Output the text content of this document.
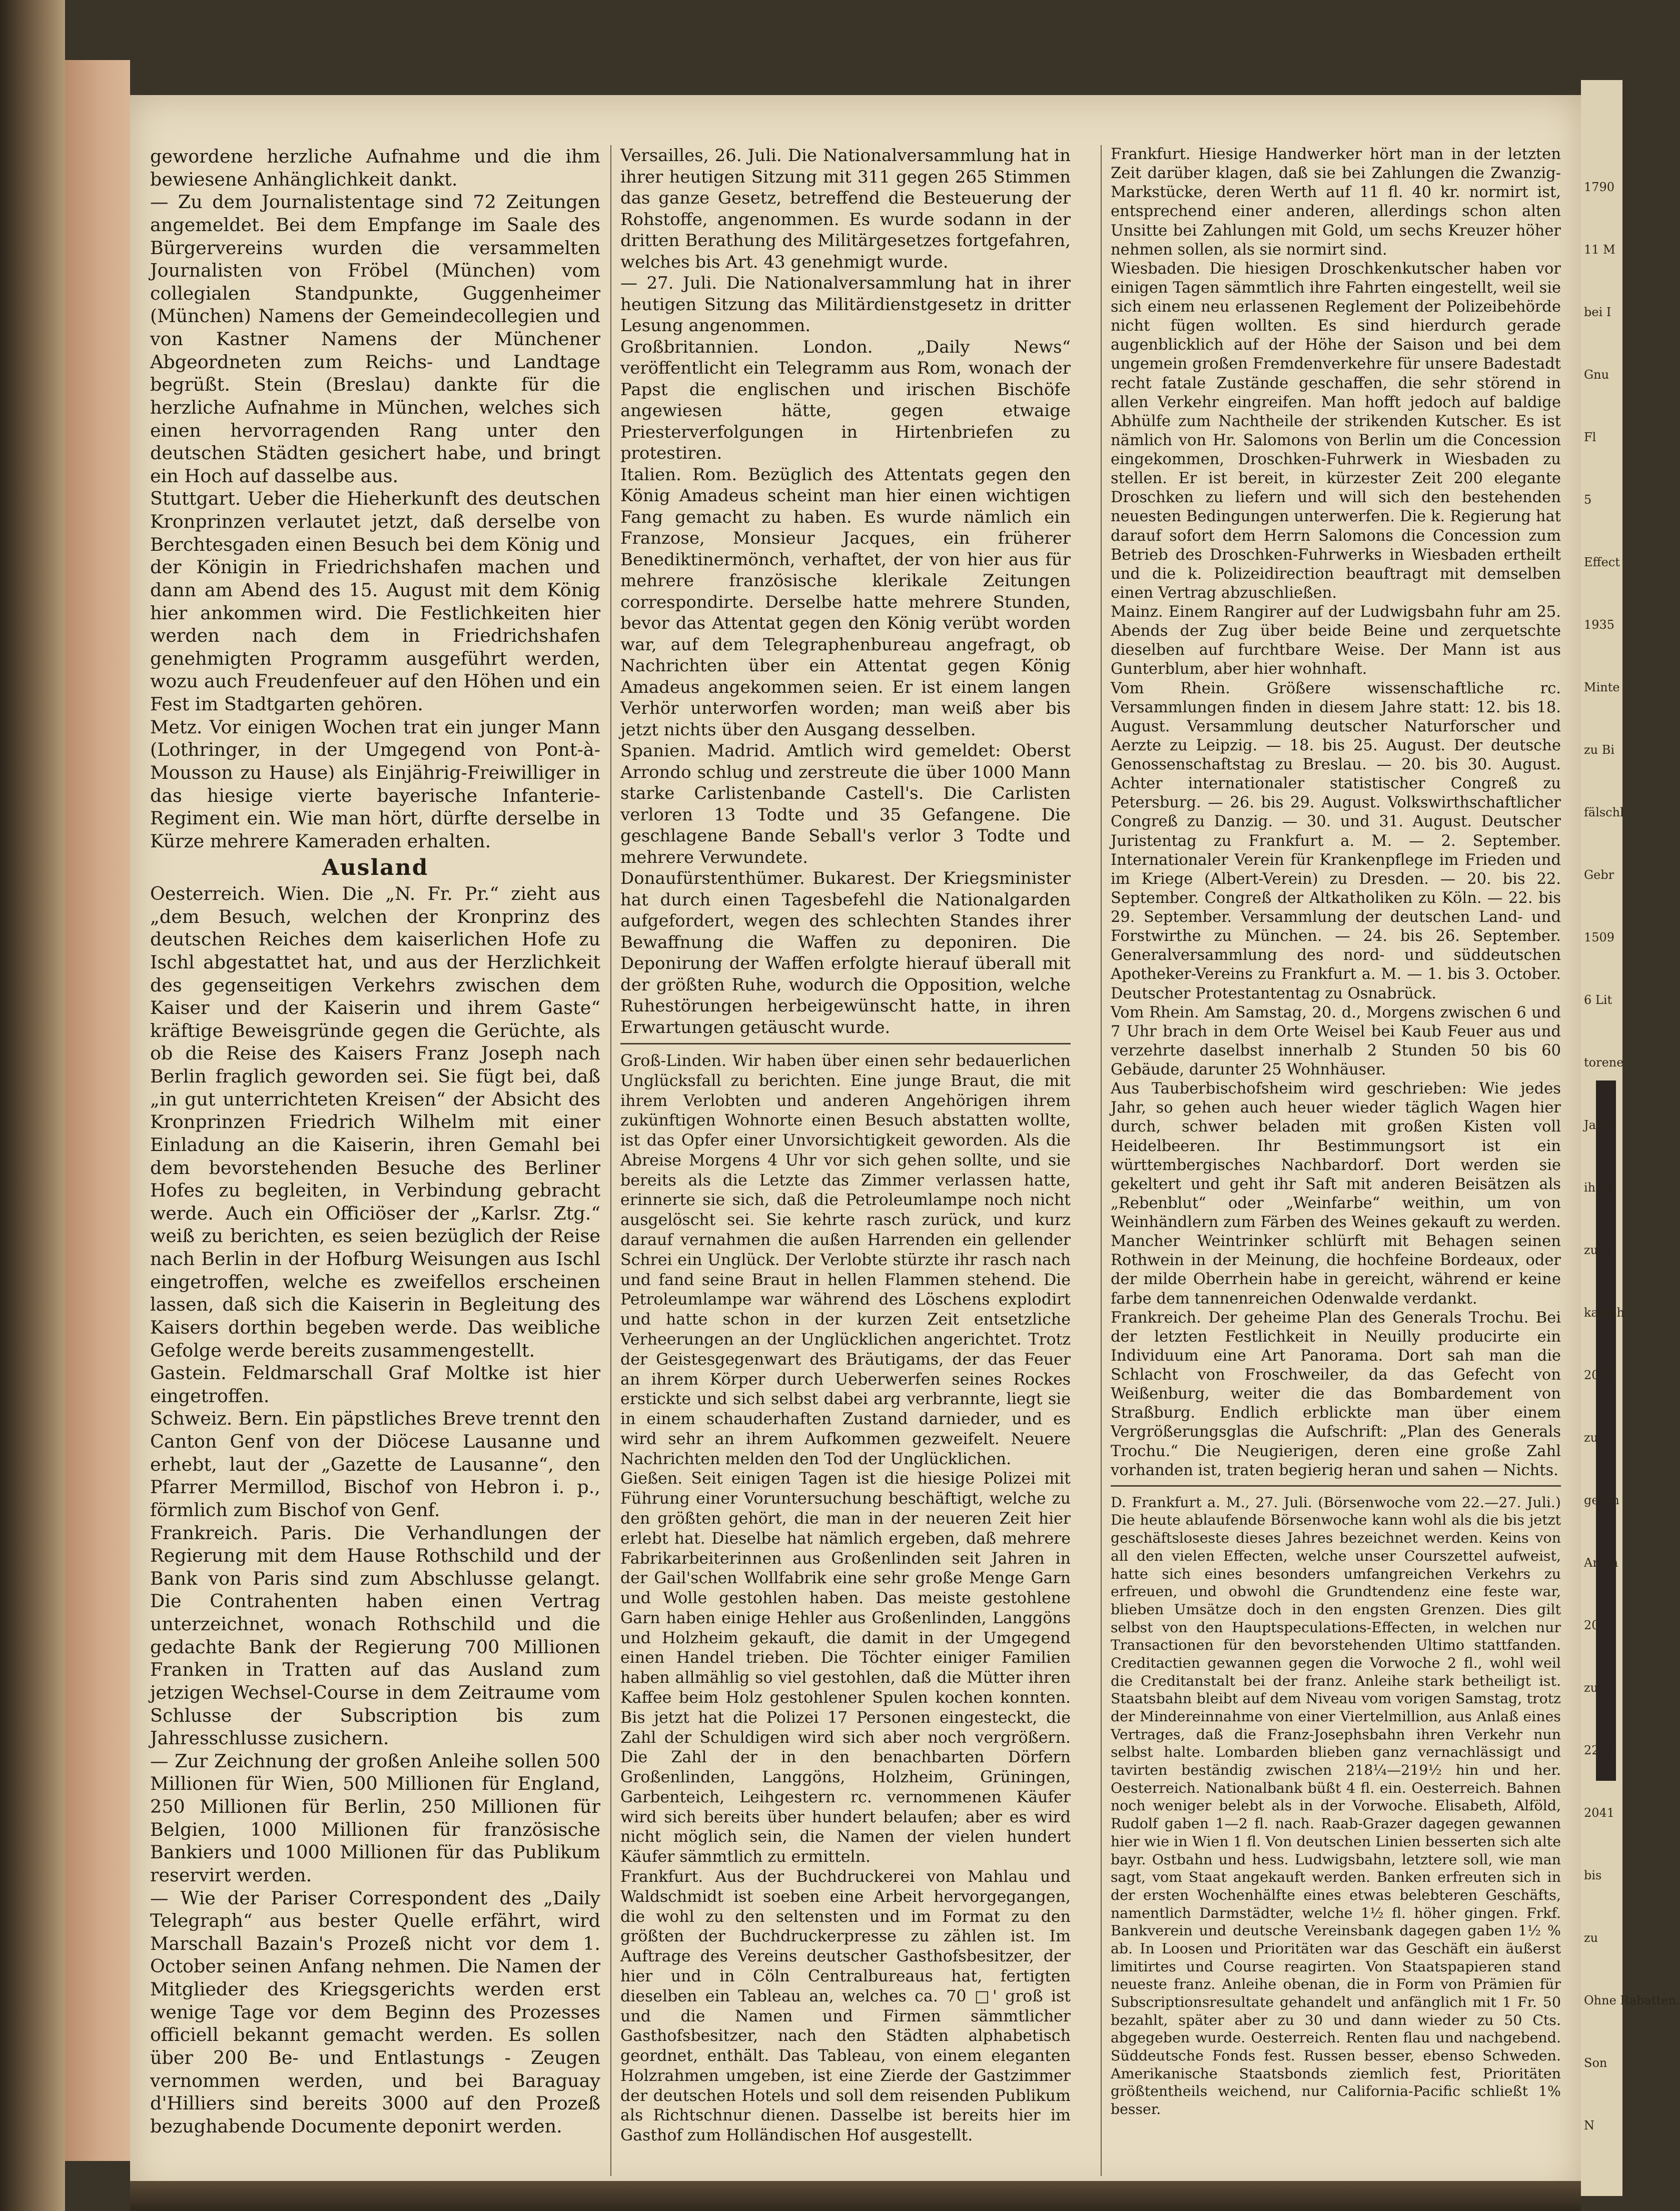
gewordene herzliche Aufnahme und die ihm bewiesene Anhänglichkeit dankt.

— Zu dem Journalistentage sind 72 Zeitungen angemeldet. Bei dem Empfange im Saale des Bürgervereins wurden die versammelten Journalisten von Fröbel (München) vom collegialen Standpunkte, Guggenheimer (München) Namens der Gemeindecollegien und von Kastner Namens der Münchener Abgeordneten zum Reichs- und Landtage begrüßt. Stein (Breslau) dankte für die herzliche Aufnahme in München, welches sich einen hervorragenden Rang unter den deutschen Städten gesichert habe, und bringt ein Hoch auf dasselbe aus.

Stuttgart. Ueber die Hieherkunft des deutschen Kronprinzen verlautet jetzt, daß derselbe von Berchtesgaden einen Besuch bei dem König und der Königin in Friedrichshafen machen und dann am Abend des 15. August mit dem König hier ankommen wird. Die Festlichkeiten hier werden nach dem in Friedrichshafen genehmigten Programm ausgeführt werden, wozu auch Freudenfeuer auf den Höhen und ein Fest im Stadtgarten gehören.

Metz. Vor einigen Wochen trat ein junger Mann (Lothringer, in der Umgegend von Pont-à-Mousson zu Hause) als Einjährig-Freiwilliger in das hiesige vierte bayerische Infanterie-Regiment ein. Wie man hört, dürfte derselbe in Kürze mehrere Kameraden erhalten.

Ausland

Oesterreich. Wien. Die „N. Fr. Pr.“ zieht aus „dem Besuch, welchen der Kronprinz des deutschen Reiches dem kaiserlichen Hofe zu Ischl abgestattet hat, und aus der Herzlichkeit des gegenseitigen Verkehrs zwischen dem Kaiser und der Kaiserin und ihrem Gaste“ kräftige Beweisgründe gegen die Gerüchte, als ob die Reise des Kaisers Franz Joseph nach Berlin fraglich geworden sei. Sie fügt bei, daß „in gut unterrichteten Kreisen“ der Absicht des Kronprinzen Friedrich Wilhelm mit einer Einladung an die Kaiserin, ihren Gemahl bei dem bevorstehenden Besuche des Berliner Hofes zu begleiten, in Verbindung gebracht werde. Auch ein Officiöser der „Karlsr. Ztg.“ weiß zu berichten, es seien bezüglich der Reise nach Berlin in der Hofburg Weisungen aus Ischl eingetroffen, welche es zweifellos erscheinen lassen, daß sich die Kaiserin in Begleitung des Kaisers dorthin begeben werde. Das weibliche Gefolge werde bereits zusammengestellt.

Gastein. Feldmarschall Graf Moltke ist hier eingetroffen.

Schweiz. Bern. Ein päpstliches Breve trennt den Canton Genf von der Diöcese Lausanne und erhebt, laut der „Gazette de Lausanne“, den Pfarrer Mermillod, Bischof von Hebron i. p., förmlich zum Bischof von Genf.

Frankreich. Paris. Die Verhandlungen der Regierung mit dem Hause Rothschild und der Bank von Paris sind zum Abschlusse gelangt. Die Contrahenten haben einen Vertrag unterzeichnet, wonach Rothschild und die gedachte Bank der Regierung 700 Millionen Franken in Tratten auf das Ausland zum jetzigen Wechsel-Course in dem Zeitraume vom Schlusse der Subscription bis zum Jahresschlusse zusichern.

— Zur Zeichnung der großen Anleihe sollen 500 Millionen für Wien, 500 Millionen für England, 250 Millionen für Berlin, 250 Millionen für Belgien, 1000 Millionen für französische Bankiers und 1000 Millionen für das Publikum reservirt werden.

— Wie der Pariser Correspondent des „Daily Telegraph“ aus bester Quelle erfährt, wird Marschall Bazain's Prozeß nicht vor dem 1. October seinen Anfang nehmen. Die Namen der Mitglieder des Kriegsgerichts werden erst wenige Tage vor dem Beginn des Prozesses officiell bekannt gemacht werden. Es sollen über 200 Be- und Entlastungs - Zeugen vernommen werden, und bei Baraguay d'Hilliers sind bereits 3000 auf den Prozeß bezughabende Documente deponirt werden.

Versailles, 26. Juli. Die Nationalversammlung hat in ihrer heutigen Sitzung mit 311 gegen 265 Stimmen das ganze Gesetz, betreffend die Besteuerung der Rohstoffe, angenommen. Es wurde sodann in der dritten Berathung des Militärgesetzes fortgefahren, welches bis Art. 43 genehmigt wurde.

— 27. Juli. Die Nationalversammlung hat in ihrer heutigen Sitzung das Militärdienstgesetz in dritter Lesung angenommen.

Großbritannien. London. „Daily News“ veröffentlicht ein Telegramm aus Rom, wonach der Papst die englischen und irischen Bischöfe angewiesen hätte, gegen etwaige Priesterverfolgungen in Hirtenbriefen zu protestiren.

Italien. Rom. Bezüglich des Attentats gegen den König Amadeus scheint man hier einen wichtigen Fang gemacht zu haben. Es wurde nämlich ein Franzose, Monsieur Jacques, ein früherer Benediktinermönch, verhaftet, der von hier aus für mehrere französische klerikale Zeitungen correspondirte. Derselbe hatte mehrere Stunden, bevor das Attentat gegen den König verübt worden war, auf dem Telegraphenbureau angefragt, ob Nachrichten über ein Attentat gegen König Amadeus angekommen seien. Er ist einem langen Verhör unterworfen worden; man weiß aber bis jetzt nichts über den Ausgang desselben.

Spanien. Madrid. Amtlich wird gemeldet: Oberst Arrondo schlug und zerstreute die über 1000 Mann starke Carlistenbande Castell's. Die Carlisten verloren 13 Todte und 35 Gefangene. Die geschlagene Bande Seball's verlor 3 Todte und mehrere Verwundete.

Donaufürstenthümer. Bukarest. Der Kriegsminister hat durch einen Tagesbefehl die Nationalgarden aufgefordert, wegen des schlechten Standes ihrer Bewaffnung die Waffen zu deponiren. Die Deponirung der Waffen erfolgte hierauf überall mit der größten Ruhe, wodurch die Opposition, welche Ruhestörungen herbeigewünscht hatte, in ihren Erwartungen getäuscht wurde.

Groß-Linden. Wir haben über einen sehr bedauerlichen Unglücksfall zu berichten. Eine junge Braut, die mit ihrem Verlobten und anderen Angehörigen ihrem zukünftigen Wohnorte einen Besuch abstatten wollte, ist das Opfer einer Unvorsichtigkeit geworden. Als die Abreise Morgens 4 Uhr vor sich gehen sollte, und sie bereits als die Letzte das Zimmer verlassen hatte, erinnerte sie sich, daß die Petroleumlampe noch nicht ausgelöscht sei. Sie kehrte rasch zurück, und kurz darauf vernahmen die außen Harrenden ein gellender Schrei ein Unglück. Der Verlobte stürzte ihr rasch nach und fand seine Braut in hellen Flammen stehend. Die Petroleumlampe war während des Löschens explodirt und hatte schon in der kurzen Zeit entsetzliche Verheerungen an der Unglücklichen angerichtet. Trotz der Geistesgegenwart des Bräutigams, der das Feuer an ihrem Körper durch Ueberwerfen seines Rockes erstickte und sich selbst dabei arg verbrannte, liegt sie in einem schauderhaften Zustand darnieder, und es wird sehr an ihrem Aufkommen gezweifelt. Neuere Nachrichten melden den Tod der Unglücklichen.

Gießen. Seit einigen Tagen ist die hiesige Polizei mit Führung einer Voruntersuchung beschäftigt, welche zu den größten gehört, die man in der neueren Zeit hier erlebt hat. Dieselbe hat nämlich ergeben, daß mehrere Fabrikarbeiterinnen aus Großenlinden seit Jahren in der Gail'schen Wollfabrik eine sehr große Menge Garn und Wolle gestohlen haben. Das meiste gestohlene Garn haben einige Hehler aus Großenlinden, Langgöns und Holzheim gekauft, die damit in der Umgegend einen Handel trieben. Die Töchter einiger Familien haben allmählig so viel gestohlen, daß die Mütter ihren Kaffee beim Holz gestohlener Spulen kochen konnten. Bis jetzt hat die Polizei 17 Personen eingesteckt, die Zahl der Schuldigen wird sich aber noch vergrößern. Die Zahl der in den benachbarten Dörfern Großenlinden, Langgöns, Holzheim, Grüningen, Garbenteich, Leihgestern rc. vernommenen Käufer wird sich bereits über hundert belaufen; aber es wird nicht möglich sein, die Namen der vielen hundert Käufer sämmtlich zu ermitteln.

Frankfurt. Aus der Buchdruckerei von Mahlau und Waldschmidt ist soeben eine Arbeit hervorgegangen, die wohl zu den seltensten und im Format zu den größten der Buchdruckerpresse zu zählen ist. Im Auftrage des Vereins deutscher Gasthofsbesitzer, der hier und in Cöln Centralbureaus hat, fertigten dieselben ein Tableau an, welches ca. 70 □' groß ist und die Namen und Firmen sämmtlicher Gasthofsbesitzer, nach den Städten alphabetisch geordnet, enthält. Das Tableau, von einem eleganten Holzrahmen umgeben, ist eine Zierde der Gastzimmer der deutschen Hotels und soll dem reisenden Publikum als Richtschnur dienen. Dasselbe ist bereits hier im Gasthof zum Holländischen Hof ausgestellt.

Frankfurt. Hiesige Handwerker hört man in der letzten Zeit darüber klagen, daß sie bei Zahlungen die Zwanzig-Markstücke, deren Werth auf 11 fl. 40 kr. normirt ist, entsprechend einer anderen, allerdings schon alten Unsitte bei Zahlungen mit Gold, um sechs Kreuzer höher nehmen sollen, als sie normirt sind.

Wiesbaden. Die hiesigen Droschkenkutscher haben vor einigen Tagen sämmtlich ihre Fahrten eingestellt, weil sie sich einem neu erlassenen Reglement der Polizeibehörde nicht fügen wollten. Es sind hierdurch gerade augenblicklich auf der Höhe der Saison und bei dem ungemein großen Fremdenverkehre für unsere Badestadt recht fatale Zustände geschaffen, die sehr störend in allen Verkehr eingreifen. Man hofft jedoch auf baldige Abhülfe zum Nachtheile der strikenden Kutscher. Es ist nämlich von Hr. Salomons von Berlin um die Concession eingekommen, Droschken-Fuhrwerk in Wiesbaden zu stellen. Er ist bereit, in kürzester Zeit 200 elegante Droschken zu liefern und will sich den bestehenden neuesten Bedingungen unterwerfen. Die k. Regierung hat darauf sofort dem Herrn Salomons die Concession zum Betrieb des Droschken-Fuhrwerks in Wiesbaden ertheilt und die k. Polizeidirection beauftragt mit demselben einen Vertrag abzuschließen.

Mainz. Einem Rangirer auf der Ludwigsbahn fuhr am 25. Abends der Zug über beide Beine und zerquetschte dieselben auf furchtbare Weise. Der Mann ist aus Gunterblum, aber hier wohnhaft.

Vom Rhein. Größere wissenschaftliche rc. Versammlungen finden in diesem Jahre statt: 12. bis 18. August. Versammlung deutscher Naturforscher und Aerzte zu Leipzig. — 18. bis 25. August. Der deutsche Genossenschaftstag zu Breslau. — 20. bis 30. August. Achter internationaler statistischer Congreß zu Petersburg. — 26. bis 29. August. Volkswirthschaftlicher Congreß zu Danzig. — 30. und 31. August. Deutscher Juristentag zu Frankfurt a. M. — 2. September. Internationaler Verein für Krankenpflege im Frieden und im Kriege (Albert-Verein) zu Dresden. — 20. bis 22. September. Congreß der Altkatholiken zu Köln. — 22. bis 29. September. Versammlung der deutschen Land- und Forstwirthe zu München. — 24. bis 26. September. Generalversammlung des nord- und süddeutschen Apotheker-Vereins zu Frankfurt a. M. — 1. bis 3. October. Deutscher Protestantentag zu Osnabrück.

Vom Rhein. Am Samstag, 20. d., Morgens zwischen 6 und 7 Uhr brach in dem Orte Weisel bei Kaub Feuer aus und verzehrte daselbst innerhalb 2 Stunden 50 bis 60 Gebäude, darunter 25 Wohnhäuser.

Aus Tauberbischofsheim wird geschrieben: Wie jedes Jahr, so gehen auch heuer wieder täglich Wagen hier durch, schwer beladen mit großen Kisten voll Heidelbeeren. Ihr Bestimmungsort ist ein württembergisches Nachbardorf. Dort werden sie gekeltert und geht ihr Saft mit anderen Beisätzen als „Rebenblut“ oder „Weinfarbe“ weithin, um von Weinhändlern zum Färben des Weines gekauft zu werden. Mancher Weintrinker schlürft mit Behagen seinen Rothwein in der Meinung, die hochfeine Bordeaux, oder der milde Oberrhein habe in gereicht, während er keine farbe dem tannenreichen Odenwalde verdankt.

Frankreich. Der geheime Plan des Generals Trochu. Bei der letzten Festlichkeit in Neuilly producirte ein Individuum eine Art Panorama. Dort sah man die Schlacht von Froschweiler, da das Gefecht von Weißenburg, weiter die das Bombardement von Straßburg. Endlich erblickte man über einem Vergrößerungsglas die Aufschrift: „Plan des Generals Trochu.“ Die Neugierigen, deren eine große Zahl vorhanden ist, traten begierig heran und sahen — Nichts.

D. Frankfurt a. M., 27. Juli. (Börsenwoche vom 22.—27. Juli.) Die heute ablaufende Börsenwoche kann wohl als die bis jetzt geschäftsloseste dieses Jahres bezeichnet werden. Keins von all den vielen Effecten, welche unser Courszettel aufweist, hatte sich eines besonders umfangreichen Verkehrs zu erfreuen, und obwohl die Grundtendenz eine feste war, blieben Umsätze doch in den engsten Grenzen. Dies gilt selbst von den Hauptspeculations-Effecten, in welchen nur Transactionen für den bevorstehenden Ultimo stattfanden. Creditactien gewannen gegen die Vorwoche 2 fl., wohl weil die Creditanstalt bei der franz. Anleihe stark betheiligt ist. Staatsbahn bleibt auf dem Niveau vom vorigen Samstag, trotz der Mindereinnahme von einer Viertelmillion, aus Anlaß eines Vertrages, daß die Franz-Josephsbahn ihren Verkehr nun selbst halte. Lombarden blieben ganz vernachlässigt und tavirten beständig zwischen 218¼—219½ hin und her. Oesterreich. Nationalbank büßt 4 fl. ein. Oesterreich. Bahnen noch weniger belebt als in der Vorwoche. Elisabeth, Alföld, Rudolf gaben 1—2 fl. nach. Raab-Grazer dagegen gewannen hier wie in Wien 1 fl. Von deutschen Linien besserten sich alte bayr. Ostbahn und hess. Ludwigsbahn, letztere soll, wie man sagt, vom Staat angekauft werden. Banken erfreuten sich in der ersten Wochenhälfte eines etwas belebteren Geschäfts, namentlich Darmstädter, welche 1½ fl. höher gingen. Frkf. Bankverein und deutsche Vereinsbank dagegen gaben 1½ % ab. In Loosen und Prioritäten war das Geschäft ein äußerst limitirtes und Course reagirten. Von Staatspapieren stand neueste franz. Anleihe obenan, die in Form von Prämien für Subscriptionsresultate gehandelt und anfänglich mit 1 Fr. 50 bezahlt, später aber zu 30 und dann wieder zu 50 Cts. abgegeben wurde. Oesterreich. Renten flau und nachgebend. Süddeutsche Fonds fest. Russen besser, ebenso Schweden. Amerikanische Staatsbonds ziemlich fest, Prioritäten größtentheils weichend, nur California-Pacific schließt 1% besser.

1790
11 M
bei I
Gnu
Fl
5
Effect
1935
Minte
zu Bi
fälschl
Gebr
1509
6 Lit
torene
Jahre
ihrer
zu A
kaufsh
2067
zu
gesch
Arten
207
zum
22 U
2041
bis
zu
Ohne Rabatten.
Son
N
